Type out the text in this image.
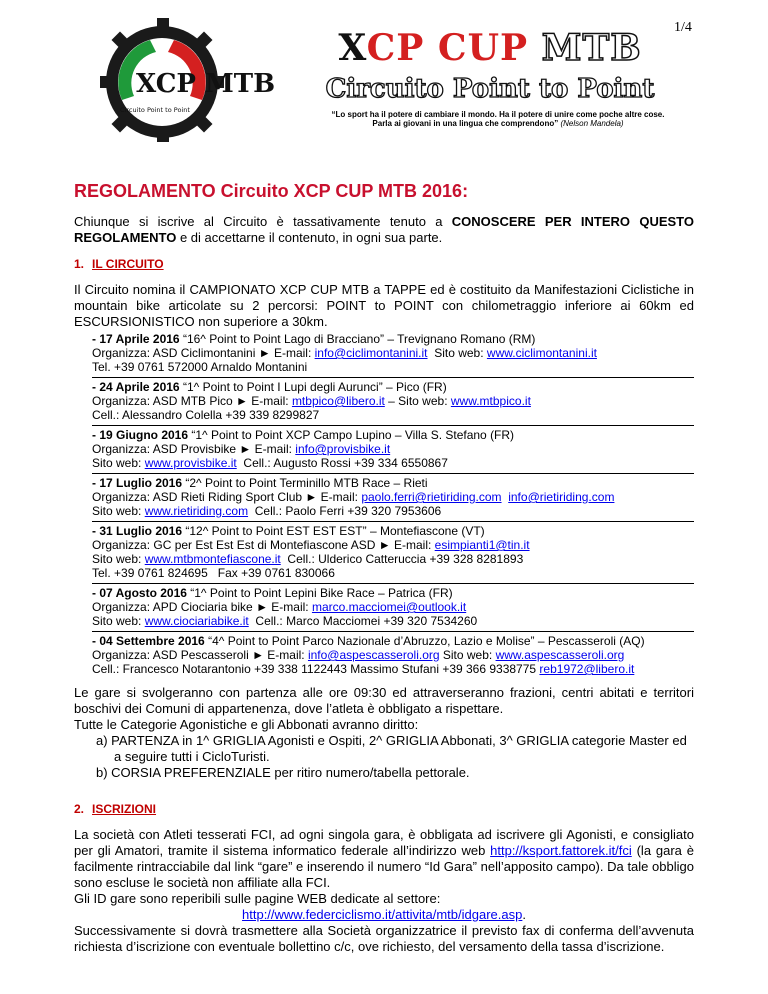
1/4
XCP MTB
Circuito Point to Point
XCP CUP MTB
Circuito Point to Point
“Lo sport ha il potere di cambiare il mondo. Ha il potere di unire come poche altre cose.
Parla ai giovani in una lingua che comprendono” (Nelson Mandela)
REGOLAMENTO Circuito XCP CUP MTB 2016:

Chiunque si iscrive al Circuito è tassativamente tenuto a CONOSCERE PER INTERO QUESTO REGOLAMENTO e di accettarne il contenuto, in ogni sua parte.

1. IL CIRCUITO

Il Circuito nomina il CAMPIONATO XCP CUP MTB a TAPPE ed è costituito da Manifestazioni Ciclistiche in mountain bike articolate su 2 percorsi: POINT to POINT con chilometraggio inferiore ai 60km ed ESCURSIONISTICO non superiore a 30km.

- 17 Aprile 2016 “16^ Point to Point Lago di Bracciano” – Trevignano Romano (RM)
Organizza: ASD Ciclimontanini ► E-mail: info@ciclimontanini.it  Sito web: www.ciclimontanini.it
Tel. +39 0761 572000 Arnaldo Montanini
- 24 Aprile 2016 “1^ Point to Point I Lupi degli Aurunci” – Pico (FR)
Organizza: ASD MTB Pico ► E-mail: mtbpico@libero.it – Sito web: www.mtbpico.it
Cell.: Alessandro Colella +39 339 8299827
- 19 Giugno 2016 “1^ Point to Point XCP Campo Lupino – Villa S. Stefano (FR)
Organizza: ASD Provisbike ► E-mail: info@provisbike.it
Sito web: www.provisbike.it  Cell.: Augusto Rossi +39 334 6550867
- 17 Luglio 2016 “2^ Point to Point Terminillo MTB Race – Rieti
Organizza: ASD Rieti Riding Sport Club ► E-mail: paolo.ferri@rietiriding.com info@rietiriding.com
Sito web: www.rietiriding.com  Cell.: Paolo Ferri +39 320 7953606
- 31 Luglio 2016 “12^ Point to Point EST EST EST” – Montefiascone (VT)
Organizza: GC per Est Est Est di Montefiascone ASD ► E-mail: esimpianti1@tin.it
Sito web: www.mtbmontefiascone.it  Cell.: Ulderico Catteruccia +39 328 8281893
Tel. +39 0761 824695   Fax +39 0761 830066
- 07 Agosto 2016 “1^ Point to Point Lepini Bike Race – Patrica (FR)
Organizza: APD Ciociaria bike ► E-mail: marco.macciomei@outlook.it
Sito web: www.ciociariabike.it  Cell.: Marco Macciomei +39 320 7534260
- 04 Settembre 2016 “4^ Point to Point Parco Nazionale d’Abruzzo, Lazio e Molise” – Pescasseroli (AQ)
Organizza: ASD Pescasseroli ► E-mail: info@aspescasseroli.org Sito web: www.aspescasseroli.org
Cell.: Francesco Notarantonio +39 338 1122443 Massimo Stufani +39 366 9338775 reb1972@libero.it

Le gare si svolgeranno con partenza alle ore 09:30 ed attraverseranno frazioni, centri abitati e territori boschivi dei Comuni di appartenenza, dove l’atleta è obbligato a rispettare.

Tutte le Categorie Agonistiche e gli Abbonati avranno diritto:

a) PARTENZA in 1^ GRIGLIA Agonisti e Ospiti, 2^ GRIGLIA Abbonati, 3^ GRIGLIA categorie Master ed a seguire tutti i CicloTuristi.
b) CORSIA PREFERENZIALE per ritiro numero/tabella pettorale.
2. ISCRIZIONI

La società con Atleti tesserati FCI, ad ogni singola gara, è obbligata ad iscrivere gli Agonisti, e consigliato per gli Amatori, tramite il sistema informatico federale all’indirizzo web http://ksport.fattorek.it/fci (la gara è facilmente rintracciabile dal link “gare” e inserendo il numero “Id Gara” nell’apposito campo). Da tale obbligo sono escluse le società non affiliate alla FCI.

Gli ID gare sono reperibili sulle pagine WEB dedicate al settore:

http://www.federciclismo.it/attivita/mtb/idgare.asp.

Successivamente si dovrà trasmettere alla Società organizzatrice il previsto fax di conferma dell’avvenuta richiesta d’iscrizione con eventuale bollettino c/c, ove richiesto, del versamento della tassa d’iscrizione.
